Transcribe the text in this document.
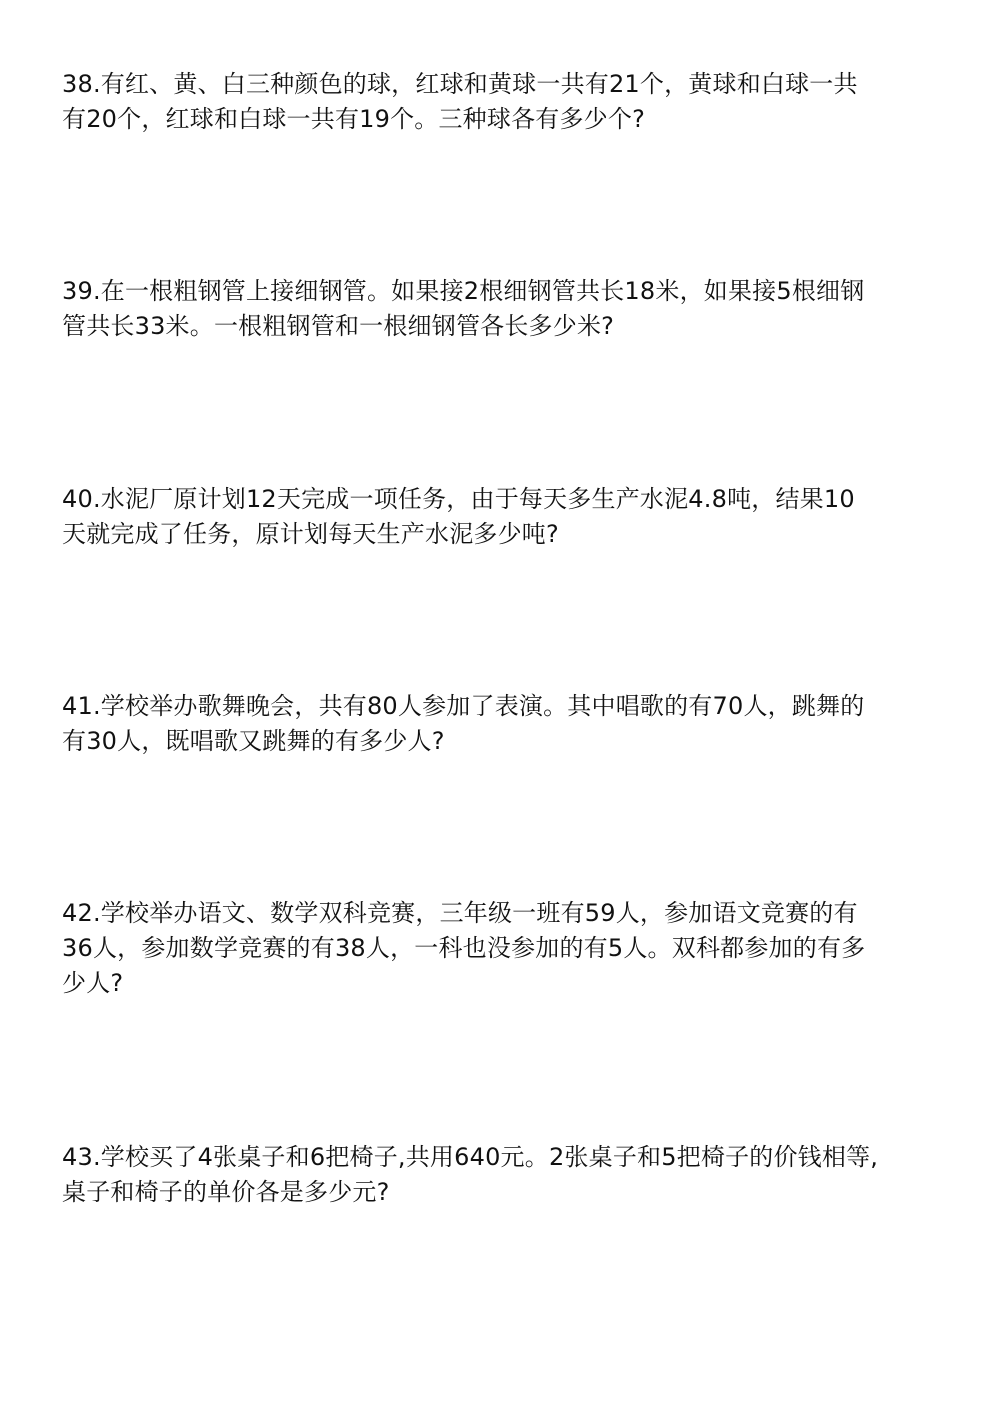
38.有红、黄、白三种颜色的球，红球和黄球一共有21个，黄球和白球一共
有20个，红球和白球一共有19个。三种球各有多少个?
39.在一根粗钢管上接细钢管。如果接2根细钢管共长18米，如果接5根细钢
管共长33米。一根粗钢管和一根细钢管各长多少米?
40.水泥厂原计划12天完成一项任务，由于每天多生产水泥4.8吨，结果10
天就完成了任务，原计划每天生产水泥多少吨?
41.学校举办歌舞晚会，共有80人参加了表演。其中唱歌的有70人，跳舞的
有30人，既唱歌又跳舞的有多少人?
42.学校举办语文、数学双科竞赛，三年级一班有59人，参加语文竞赛的有
36人，参加数学竞赛的有38人，一科也没参加的有5人。双科都参加的有多
少人?
43.学校买了4张桌子和6把椅子,共用640元。2张桌子和5把椅子的价钱相等,
桌子和椅子的单价各是多少元?
